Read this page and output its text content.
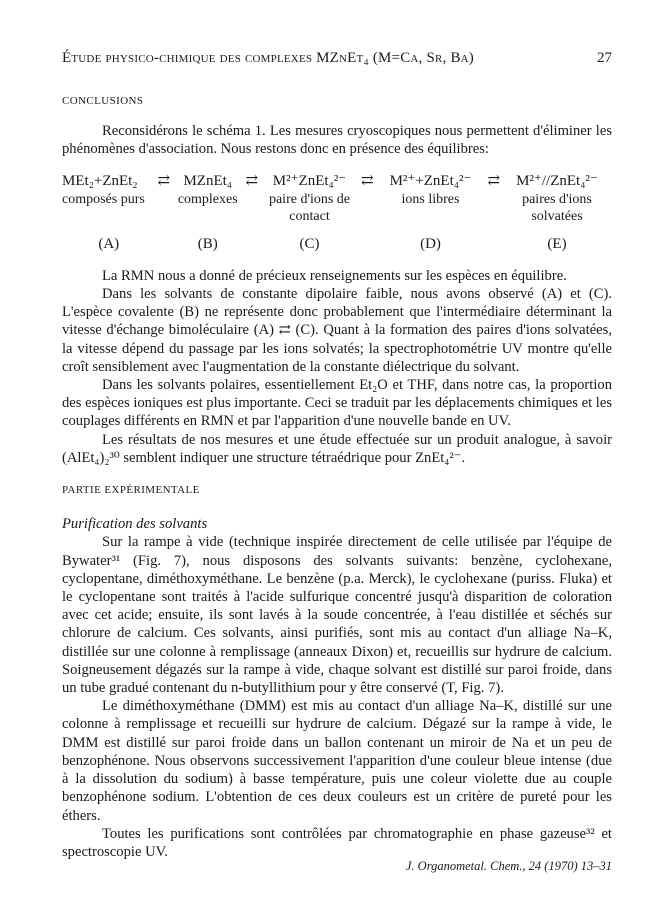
Étude physico-chimique des complexes MZnEt₄ (M=Ca, Sr, Ba)	27
CONCLUSIONS

Reconsidérons le schéma 1. Les mesures cryoscopiques nous permettent d'éliminer les phénomènes d'association. Nous restons donc en présence des équilibres:

MEt₂+ZnEt₂	⇄	MZnEt₄	⇄	M²⁺ZnEt₄²⁻	⇄	M²⁺+ZnEt₄²⁻	⇄	M²⁺//ZnEt₄²⁻
composés purs		complexes		paire d'ions de contact		ions libres		paires d'ions solvatées
(A)		(B)		(C)		(D)		(E)

La RMN nous a donné de précieux renseignements sur les espèces en équilibre.

Dans les solvants de constante dipolaire faible, nous avons observé (A) et (C). L'espèce covalente (B) ne représente donc probablement que l'intermédiaire déterminant la vitesse d'échange bimoléculaire (A) ⇄ (C). Quant à la formation des paires d'ions solvatées, la vitesse dépend du passage par les ions solvatés; la spectrophotométrie UV montre qu'elle croît sensiblement avec l'augmentation de la constante diélectrique du solvant.

Dans les solvants polaires, essentiellement Et₂O et THF, dans notre cas, la proportion des espèces ioniques est plus importante. Ceci se traduit par les déplacements chimiques et les couplages différents en RMN et par l'apparition d'une nouvelle bande en UV.

Les résultats de nos mesures et une étude effectuée sur un produit analogue, à savoir (AlEt₄)₂³⁰ semblent indiquer une structure tétraédrique pour ZnEt₄²⁻.

PARTIE EXPÉRIMENTALE

Purification des solvants

Sur la rampe à vide (technique inspirée directement de celle utilisée par l'équipe de Bywater³¹ (Fig. 7), nous disposons des solvants suivants: benzène, cyclohexane, cyclopentane, diméthoxyméthane. Le benzène (p.a. Merck), le cyclohexane (puriss. Fluka) et le cyclopentane sont traités à l'acide sulfurique concentré jusqu'à disparition de coloration avec cet acide; ensuite, ils sont lavés à la soude concentrée, à l'eau distillée et séchés sur chlorure de calcium. Ces solvants, ainsi purifiés, sont mis au contact d'un alliage Na–K, distillée sur une colonne à remplissage (anneaux Dixon) et, recueillis sur hydrure de calcium. Soigneusement dégazés sur la rampe à vide, chaque solvant est distillé sur paroi froide, dans un tube gradué contenant du n-butyllithium pour y être conservé (T, Fig. 7).

Le diméthoxyméthane (DMM) est mis au contact d'un alliage Na–K, distillé sur une colonne à remplissage et recueilli sur hydrure de calcium. Dégazé sur la rampe à vide, le DMM est distillé sur paroi froide dans un ballon contenant un miroir de Na et un peu de benzophénone. Nous observons successivement l'apparition d'une couleur bleue intense (due à la dissolution du sodium) à basse température, puis une coleur violette due au couple benzophénone sodium. L'obtention de ces deux couleurs est un critère de pureté pour les éthers.

Toutes les purifications sont contrôlées par chromatographie en phase gazeuse³² et spectroscopie UV.

J. Organometal. Chem., 24 (1970) 13–31
